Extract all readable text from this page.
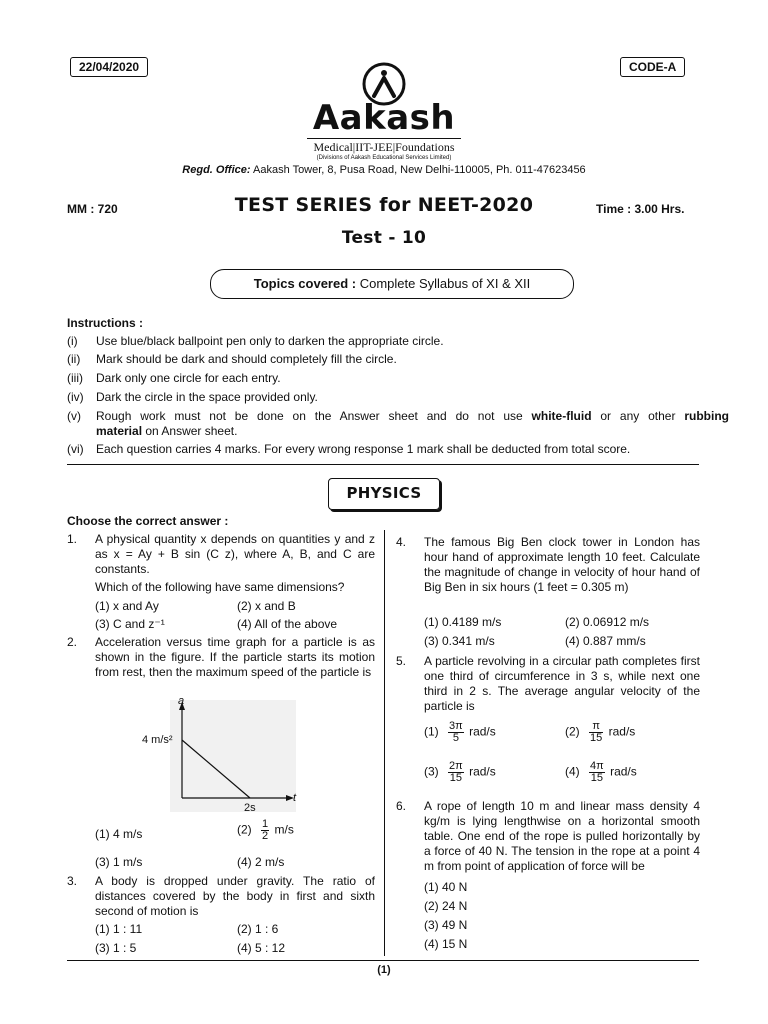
22/04/2020	CODE-A
Aakash
Medical|IIT-JEE|Foundations
(Divisions of Aakash Educational Services Limited)
Regd. Office: Aakash Tower, 8, Pusa Road, New Delhi-110005, Ph. 011-47623456
MM : 720	TEST SERIES for NEET-2020	Time : 3.00 Hrs.
Test - 10
Topics covered : Complete Syllabus of XI & XII
Instructions :
(i)	Use blue/black ballpoint pen only to darken the appropriate circle.
(ii)	Mark should be dark and should completely fill the circle.
(iii)	Dark only one circle for each entry.
(iv)	Dark the circle in the space provided only.
(v)	Rough work must not be done on the Answer sheet and do not use white-fluid or any other rubbing
material on Answer sheet.
(vi)	Each question carries 4 marks. For every wrong response 1 mark shall be deducted from total score.
PHYSICS
Choose the correct answer :
1. A physical quantity x depends on quantities y and z as x = Ay + B sin (C z), where A, B, and C are constants.
Which of the following have same dimensions?
(1) x and Ay	(2) x and B
(3) C and z⁻¹	(4) All of the above
2. Acceleration versus time graph for a particle is as shown in the figure. If the particle starts its motion from rest, then the maximum speed of the particle is
a
t
4 m/s²
2s
(1) 4 m/s	$(2) \frac{1}{2} m/s$
(3) 1 m/s	(4) 2 m/s
3. A body is dropped under gravity. The ratio of distances covered by the body in first and sixth second of motion is
(1) 1 : 11	(2) 1 : 6
(3) 1 : 5	(4) 5 : 12
4. The famous Big Ben clock tower in London has hour hand of approximate length 10 feet. Calculate the magnitude of change in velocity of hour hand of Big Ben in six hours (1 feet = 0.305 m)
(1) 0.4189 m/s	(2) 0.06912 m/s
(3) 0.341 m/s	(4) 0.887 mm/s
5. A particle revolving in a circular path completes first one third of circumference in 3 s, while next one third in 2 s. The average angular velocity of the particle is
$(1) \frac{3\pi}{5} rad/s$	$(2) \frac{\pi}{15} rad/s$
$(3) \frac{2\pi}{15} rad/s$	$(4) \frac{4\pi}{15} rad/s$
6. A rope of length 10 m and linear mass density 4 kg/m is lying lengthwise on a horizontal smooth table. One end of the rope is pulled horizontally by a force of 40 N. The tension in the rope at a point 4 m from point of application of force will be
(1) 40 N
(2) 24 N
(3) 49 N
(4) 15 N
(1)
